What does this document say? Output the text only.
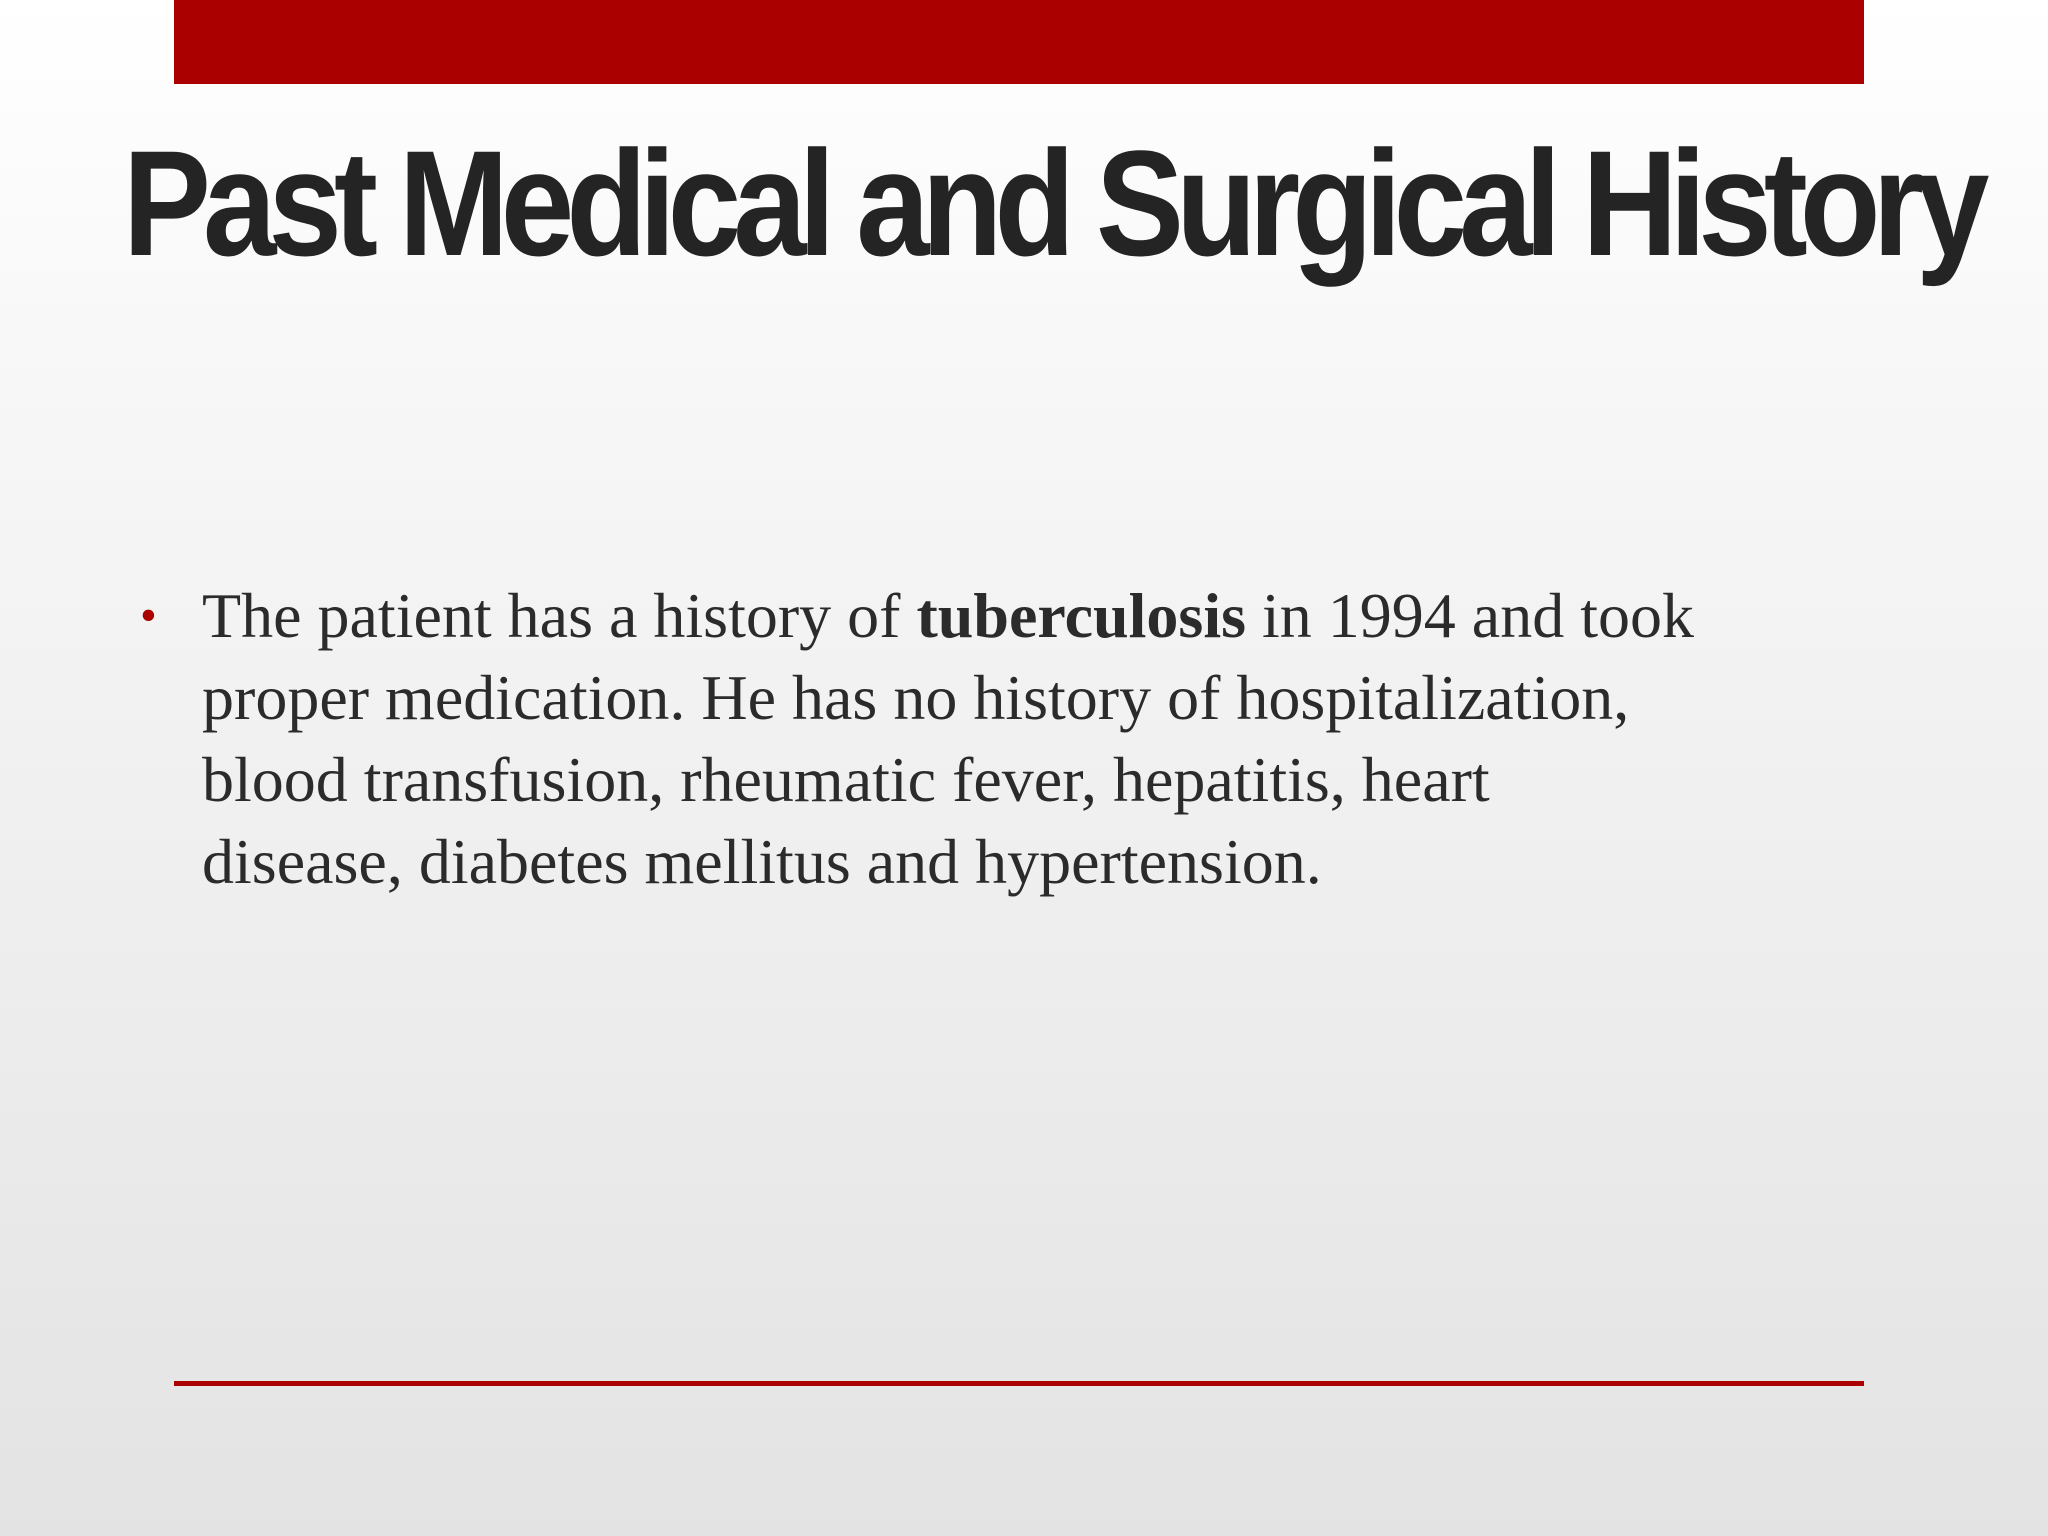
Past Medical and Surgical History
• The patient has a history of tuberculosis in 1994 and took proper medication. He has no history of hospitalization, blood transfusion, rheumatic fever, hepatitis, heart disease, diabetes mellitus and hypertension.
